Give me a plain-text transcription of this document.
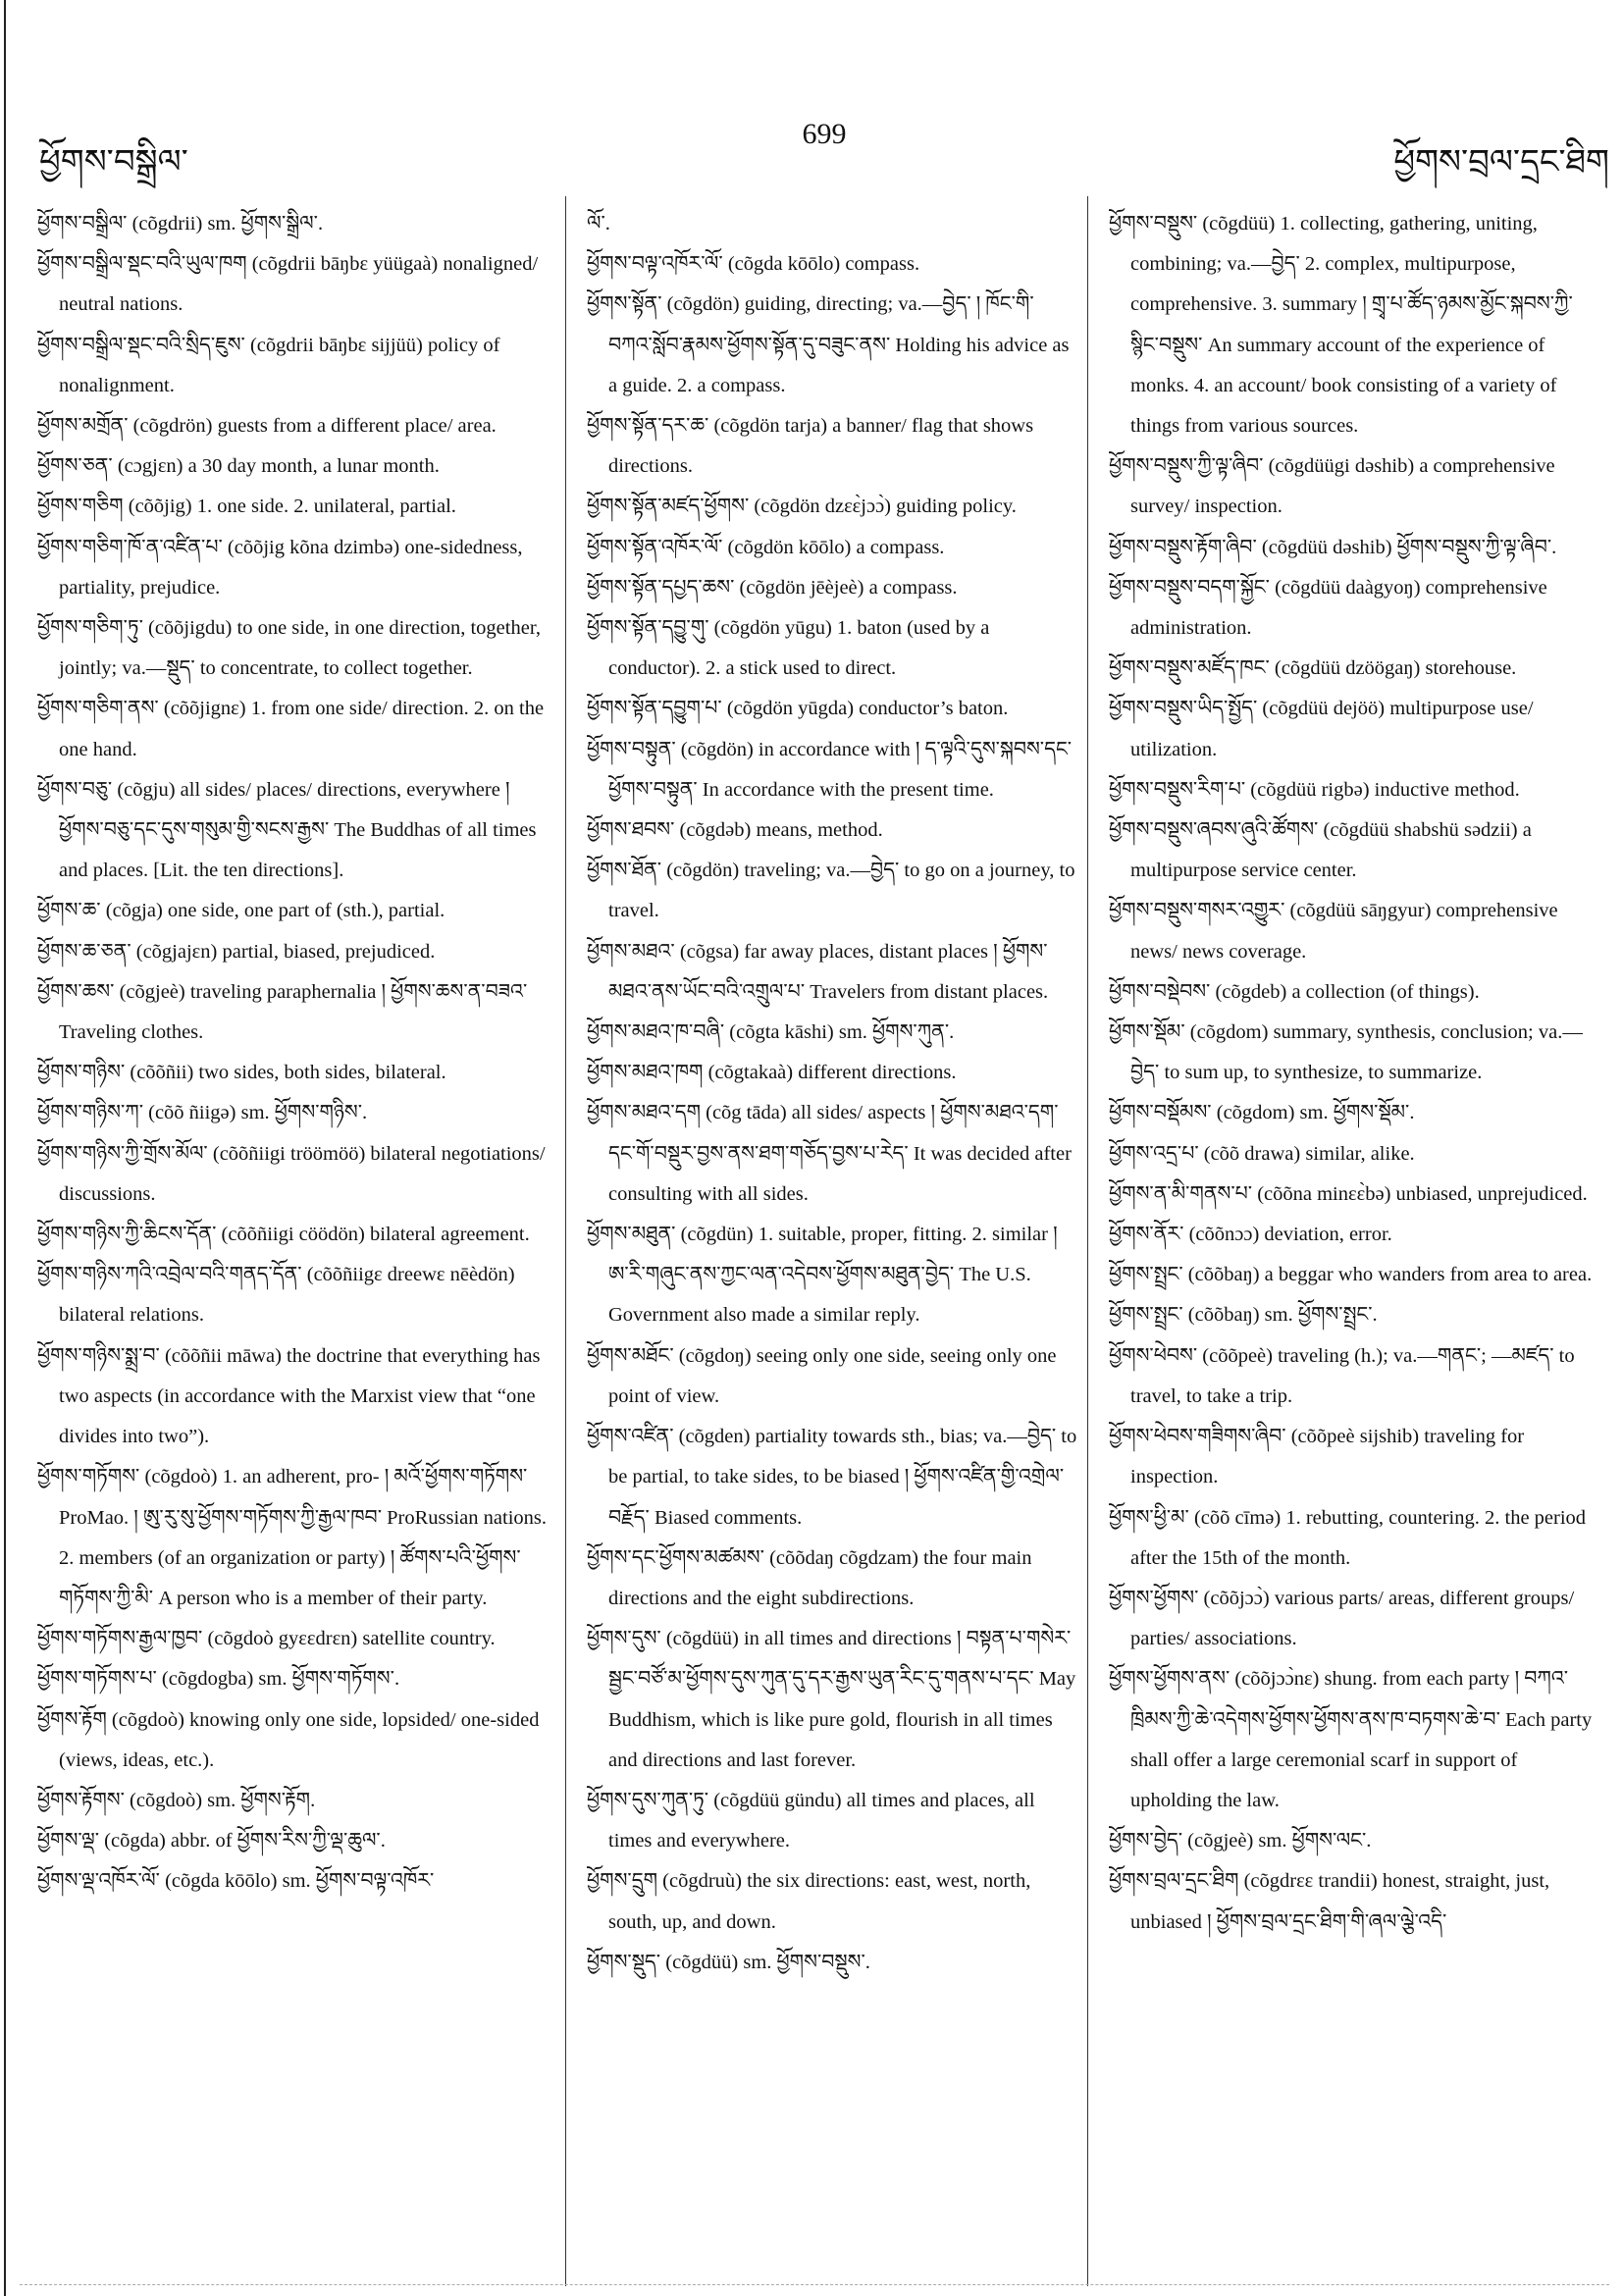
ཕྱོགས་བསྒྲིལ་
699
ཕྱོགས་བྲལ་དྲང་ཐིག

ཕྱོགས་བསྒྲིལ་ (cõgdrii) sm. ཕྱོགས་སྒྲིལ་.

ཕྱོགས་བསྒྲིལ་སྡང་བའི་ཡུལ་ཁག (cõgdrii bāŋbɛ yüügaà) nonaligned/ neutral nations.

ཕྱོགས་བསྒྲིལ་སྡང་བའི་སྲིད་ཇུས་ (cõgdrii bāŋbɛ sijjüü) policy of nonalignment.

ཕྱོགས་མགྲོན་ (cõgdrön) guests from a different place/ area.

ཕྱོགས་ཅན་ (cɔgjɛn) a 30 day month, a lunar month.

ཕྱོགས་གཅིག (cõõjig) 1. one side. 2. unilateral, partial.

ཕྱོགས་གཅིག་ཁོ་ན་འཛིན་པ་ (cõõjig kõna dzimbə) one-sidedness, partiality, prejudice.

ཕྱོགས་གཅིག་ཏུ་ (cõõjigdu) to one side, in one direction, together, jointly; va.—སྡུད་ to concentrate, to collect together.

ཕྱོགས་གཅིག་ནས་ (cõõjignɛ) 1. from one side/ direction. 2. on the one hand.

ཕྱོགས་བཅུ་ (cõgju) all sides/ places/ directions, everywhere ། ཕྱོགས་བཅུ་དང་དུས་གསུམ་གྱི་སངས་རྒྱས་ The Buddhas of all times and places. [Lit. the ten directions].

ཕྱོགས་ཆ་ (cõgja) one side, one part of (sth.), partial.

ཕྱོགས་ཆ་ཅན་ (cõgjajɛn) partial, biased, prejudiced.

ཕྱོགས་ཆས་ (cõgjeè) traveling paraphernalia ། ཕྱོགས་ཆས་ན་བཟའ་ Traveling clothes.

ཕྱོགས་གཉིས་ (cõõñii) two sides, both sides, bilateral.

ཕྱོགས་གཉིས་ཀ་ (cõõ ñiigə) sm. ཕྱོགས་གཉིས་.

ཕྱོགས་གཉིས་ཀྱི་གྲོས་མོལ་ (cõõñiigi tröömöö) bilateral negotiations/ discussions.

ཕྱོགས་གཉིས་ཀྱི་ཆིངས་དོན་ (cõõñiigi cöödön) bilateral agreement.

ཕྱོགས་གཉིས་ཀའི་འབྲེལ་བའི་གནད་དོན་ (cõõñiigɛ dreewɛ nēèdön) bilateral relations.

ཕྱོགས་གཉིས་སྨྲ་བ་ (cõõñii māwa) the doctrine that everything has two aspects (in accordance with the Marxist view that “one divides into two”).

ཕྱོགས་གཏོགས་ (cõgdoò) 1. an adherent, pro- ། མའོ་ཕྱོགས་གཏོགས་ ProMao. ། ཨུ་རུ་སུ་ཕྱོགས་གཏོགས་ཀྱི་རྒྱལ་ཁབ་ ProRussian nations. 2. members (of an organization or party) ། ཚོགས་པའི་ཕྱོགས་གཏོགས་ཀྱི་མི་ A person who is a member of their party.

ཕྱོགས་གཏོགས་རྒྱལ་ཁྱབ་ (cõgdoò gyɛɛdrɛn) satellite country.

ཕྱོགས་གཏོགས་པ་ (cõgdogba) sm. ཕྱོགས་གཏོགས་.

ཕྱོགས་རྟོག (cõgdoò) knowing only one side, lopsided/ one-sided (views, ideas, etc.).

ཕྱོགས་རྟོགས་ (cõgdoò) sm. ཕྱོགས་རྟོག.

ཕྱོགས་ལྡ་ (cõgda) abbr. of ཕྱོགས་རིས་ཀྱི་ལྡ་ཆུལ་.

ཕྱོགས་ལྡ་འཁོར་ལོ་ (cõgda kōōlo) sm. ཕྱོགས་བལྟ་འཁོར་

ལོ་.

ཕྱོགས་བལྟ་འཁོར་ལོ་ (cõgda kōōlo) compass.

ཕྱོགས་སྟོན་ (cõgdön) guiding, directing; va.—བྱེད་ ། ཁོང་གི་བཀའ་སློབ་རྣམས་ཕྱོགས་སྟོན་དུ་བཟུང་ནས་ Holding his advice as a guide. 2. a compass.

ཕྱོགས་སྟོན་དར་ཆ་ (cõgdön tarja) a banner/ flag that shows directions.

ཕྱོགས་སྟོན་མཛད་ཕྱོགས་ (cõgdön dzɛɛ̀jɔɔ̀) guiding policy.

ཕྱོགས་སྟོན་འཁོར་ལོ་ (cõgdön kōōlo) a compass.

ཕྱོགས་སྟོན་དཔྱད་ཆས་ (cõgdön jēèjeè) a compass.

ཕྱོགས་སྟོན་དབྱུ་གུ་ (cõgdön yūgu) 1. baton (used by a conductor). 2. a stick used to direct.

ཕྱོགས་སྟོན་དབྱུག་པ་ (cõgdön yūgda) conductor’s baton.

ཕྱོགས་བསྟུན་ (cõgdön) in accordance with ། ད་ལྟའི་དུས་སྐབས་དང་ཕྱོགས་བསྟུན་ In accordance with the present time.

ཕྱོགས་ཐབས་ (cõgdəb) means, method.

ཕྱོགས་ཐོན་ (cõgdön) traveling; va.—བྱེད་ to go on a journey, to travel.

ཕྱོགས་མཐའ་ (cõgsa) far away places, distant places ། ཕྱོགས་མཐའ་ནས་ཡོང་བའི་འགྲུལ་པ་ Travelers from distant places.

ཕྱོགས་མཐའ་ཁ་བཞི་ (cõgta kāshi) sm. ཕྱོགས་ཀུན་.

ཕྱོགས་མཐའ་ཁག (cõgtakaà) different directions.

ཕྱོགས་མཐའ་དག (cõg tāda) all sides/ aspects ། ཕྱོགས་མཐའ་དག་དང་གོ་བསྡུར་བྱས་ནས་ཐག་གཅོད་བྱས་པ་རེད་ It was decided after consulting with all sides.

ཕྱོགས་མཐུན་ (cõgdün) 1. suitable, proper, fitting. 2. similar ། ཨ་རི་གཞུང་ནས་ཀྱང་ལན་འདེབས་ཕྱོགས་མཐུན་བྱེད་ The U.S. Government also made a similar reply.

ཕྱོགས་མཐོང་ (cõgdoŋ) seeing only one side, seeing only one point of view.

ཕྱོགས་འཛིན་ (cõgden) partiality towards sth., bias; va.—བྱེད་ to be partial, to take sides, to be biased ། ཕྱོགས་འཛིན་གྱི་འགྲེལ་བརྗོད་ Biased comments.

ཕྱོགས་དང་ཕྱོགས་མཚམས་ (cõõdaŋ cõgdzam) the four main directions and the eight subdirections.

ཕྱོགས་དུས་ (cõgdüü) in all times and directions ། བསྟན་པ་གསེར་སྦྱང་བཙོ་མ་ཕྱོགས་དུས་ཀུན་དུ་དར་རྒྱས་ཡུན་རིང་དུ་གནས་པ་དང་ May Buddhism, which is like pure gold, flourish in all times and directions and last forever.

ཕྱོགས་དུས་ཀུན་ཏུ་ (cõgdüü gündu) all times and places, all times and everywhere.

ཕྱོགས་དྲུག (cõgdruù) the six directions: east, west, north, south, up, and down.

ཕྱོགས་སྡུད་ (cõgdüü) sm. ཕྱོགས་བསྡུས་.

ཕྱོགས་བསྡུས་ (cõgdüü) 1. collecting, gathering, uniting, combining; va.—བྱེད་ 2. complex, multipurpose, comprehensive. 3. summary ། གྲྭ་པ་ཚོད་ཉམས་མྱོང་སྐབས་ཀྱི་སྙིང་བསྡུས་ An summary account of the experience of monks. 4. an account/ book consisting of a variety of things from various sources.

ཕྱོགས་བསྡུས་ཀྱི་ལྟ་ཞིབ་ (cõgdüügi dəshib) a comprehensive survey/ inspection.

ཕྱོགས་བསྡུས་རྟོག་ཞིབ་ (cõgdüü dəshib) ཕྱོགས་བསྡུས་ཀྱི་ལྟ་ཞིབ་.

ཕྱོགས་བསྡུས་བདག་སྐྱོང་ (cõgdüü daàgyoŋ) comprehensive administration.

ཕྱོགས་བསྡུས་མཛོད་ཁང་ (cõgdüü dzöögaŋ) storehouse.

ཕྱོགས་བསྡུས་ཡིད་སྤྱོད་ (cõgdüü dejöö) multipurpose use/ utilization.

ཕྱོགས་བསྡུས་རིག་པ་ (cõgdüü rigbə) inductive method.

ཕྱོགས་བསྡུས་ཞབས་ཞུའི་ཚོགས་ (cõgdüü shabshü sədzii) a multipurpose service center.

ཕྱོགས་བསྡུས་གསར་འགྱུར་ (cõgdüü sāŋgyur) comprehensive news/ news coverage.

ཕྱོགས་བསྡེབས་ (cõgdeb) a collection (of things).

ཕྱོགས་སྡོམ་ (cõgdom) summary, synthesis, conclusion; va.—བྱེད་ to sum up, to synthesize, to summarize.

ཕྱོགས་བསྡོམས་ (cõgdom) sm. ཕྱོགས་སྡོམ་.

ཕྱོགས་འདྲ་པ་ (cõõ drawa) similar, alike.

ཕྱོགས་ན་མི་གནས་པ་ (cõõna minɛɛ̀bə) unbiased, unprejudiced.

ཕྱོགས་ནོར་ (cõõnɔɔ) deviation, error.

ཕྱོགས་སྤྲང་ (cõõbaŋ) a beggar who wanders from area to area.

ཕྱོགས་སྤྲང་ (cõõbaŋ) sm. ཕྱོགས་སྤྲང་.

ཕྱོགས་ཕེབས་ (cõõpeè) traveling (h.); va.—གནང་; —མཛད་ to travel, to take a trip.

ཕྱོགས་ཕེབས་གཟིགས་ཞིབ་ (cõõpeè sijshib) traveling for inspection.

ཕྱོགས་ཕྱི་མ་ (cõõ cīmə) 1. rebutting, countering. 2. the period after the 15th of the month.

ཕྱོགས་ཕྱོགས་ (cõõjɔɔ̀) various parts/ areas, different groups/ parties/ associations.

ཕྱོགས་ཕྱོགས་ནས་ (cõõjɔɔ̀nɛ) shung. from each party ། བཀའ་ཁྲིམས་ཀྱི་ཆེ་འདེགས་ཕྱོགས་ཕྱོགས་ནས་ཁ་བཏགས་ཆེ་བ་ Each party shall offer a large ceremonial scarf in support of upholding the law.

ཕྱོགས་བྱེད་ (cõgjeè) sm. ཕྱོགས་ལང་.

ཕྱོགས་བྲལ་དྲང་ཐིག (cõgdrɛɛ trandii) honest, straight, just, unbiased ། ཕྱོགས་བྲལ་དྲང་ཐིག་གི་ཞལ་ལྕེ་འདི་
